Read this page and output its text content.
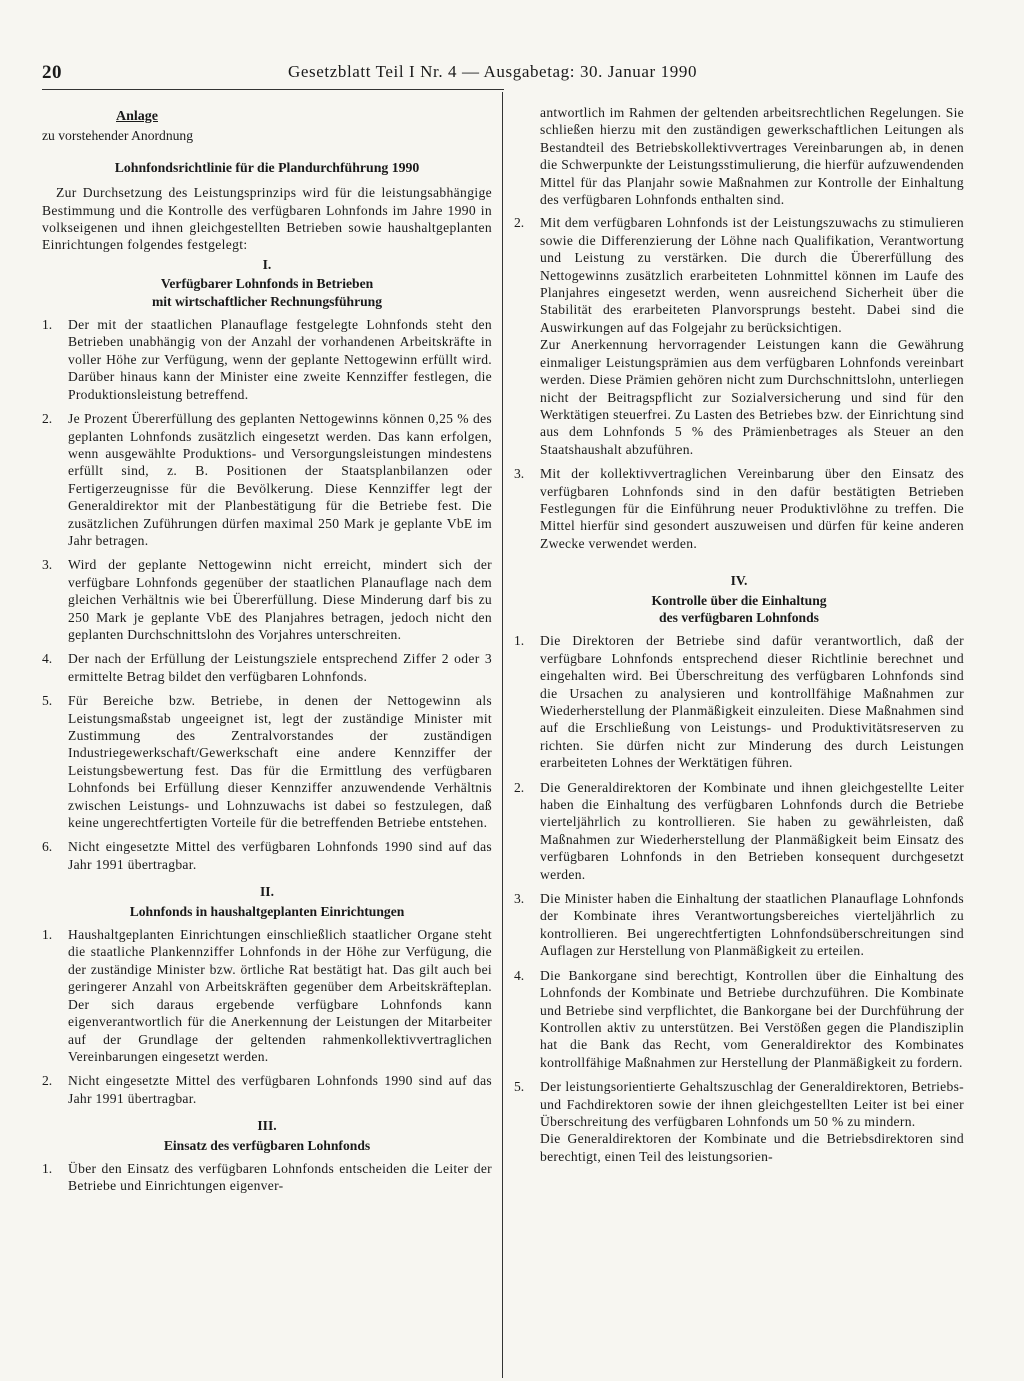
20	Gesetzblatt Teil I Nr. 4 — Ausgabetag: 30. Januar 1990
Anlage
zu vorstehender Anordnung
Lohnfondsrichtlinie für die Plandurchführung 1990

Zur Durchsetzung des Leistungsprinzips wird für die leistungsabhängige Bestimmung und die Kontrolle des verfügbaren Lohnfonds im Jahre 1990 in volkseigenen und ihnen gleichgestellten Betrieben sowie haushaltgeplanten Einrichtungen folgendes festgelegt:

I.
Verfügbarer Lohnfonds in Betrieben
mit wirtschaftlicher Rechnungsführung
1.	Der mit der staatlichen Planauflage festgelegte Lohnfonds steht den Betrieben unabhängig von der Anzahl der vorhandenen Arbeitskräfte in voller Höhe zur Verfügung, wenn der geplante Nettogewinn erfüllt wird. Darüber hinaus kann der Minister eine zweite Kennziffer festlegen, die Produktionsleistung betreffend.
2.	Je Prozent Übererfüllung des geplanten Nettogewinns können 0,25 % des geplanten Lohnfonds zusätzlich eingesetzt werden. Das kann erfolgen, wenn ausgewählte Produktions- und Versorgungsleistungen mindestens erfüllt sind, z. B. Positionen der Staatsplanbilanzen oder Fertigerzeugnisse für die Bevölkerung. Diese Kennziffer legt der Generaldirektor mit der Planbestätigung für die Betriebe fest. Die zusätzlichen Zuführungen dürfen maximal 250 Mark je geplante VbE im Jahr betragen.
3.	Wird der geplante Nettogewinn nicht erreicht, mindert sich der verfügbare Lohnfonds gegenüber der staatlichen Planauflage nach dem gleichen Verhältnis wie bei Übererfüllung. Diese Minderung darf bis zu 250 Mark je geplante VbE des Planjahres betragen, jedoch nicht den geplanten Durchschnittslohn des Vorjahres unterschreiten.
4.	Der nach der Erfüllung der Leistungsziele entsprechend Ziffer 2 oder 3 ermittelte Betrag bildet den verfügbaren Lohnfonds.
5.	Für Bereiche bzw. Betriebe, in denen der Nettogewinn als Leistungsmaßstab ungeeignet ist, legt der zuständige Minister mit Zustimmung des Zentralvorstandes der zuständigen Industriegewerkschaft/Gewerkschaft eine andere Kennziffer der Leistungsbewertung fest. Das für die Ermittlung des verfügbaren Lohnfonds bei Erfüllung dieser Kennziffer anzuwendende Verhältnis zwischen Leistungs- und Lohnzuwachs ist dabei so festzulegen, daß keine ungerechtfertigten Vorteile für die betreffenden Betriebe entstehen.
6.	Nicht eingesetzte Mittel des verfügbaren Lohnfonds 1990 sind auf das Jahr 1991 übertragbar.
II.
Lohnfonds in haushaltgeplanten Einrichtungen
1.	Haushaltgeplanten Einrichtungen einschließlich staatlicher Organe steht die staatliche Plankennziffer Lohnfonds in der Höhe zur Verfügung, die der zuständige Minister bzw. örtliche Rat bestätigt hat. Das gilt auch bei geringerer Anzahl von Arbeitskräften gegenüber dem Arbeitskräfteplan. Der sich daraus ergebende verfügbare Lohnfonds kann eigenverantwortlich für die Anerkennung der Leistungen der Mitarbeiter auf der Grundlage der geltenden rahmenkollektivvertraglichen Vereinbarungen eingesetzt werden.
2.	Nicht eingesetzte Mittel des verfügbaren Lohnfonds 1990 sind auf das Jahr 1991 übertragbar.
III.
Einsatz des verfügbaren Lohnfonds
1.	Über den Einsatz des verfügbaren Lohnfonds entscheiden die Leiter der Betriebe und Einrichtungen eigenver-
antwortlich im Rahmen der geltenden arbeitsrechtlichen Regelungen. Sie schließen hierzu mit den zuständigen gewerkschaftlichen Leitungen als Bestandteil des Betriebskollektivvertrages Vereinbarungen ab, in denen die Schwerpunkte der Leistungsstimulierung, die hierfür aufzuwendenden Mittel für das Planjahr sowie Maßnahmen zur Kontrolle der Einhaltung des verfügbaren Lohnfonds enthalten sind.
2.	Mit dem verfügbaren Lohnfonds ist der Leistungszuwachs zu stimulieren sowie die Differenzierung der Löhne nach Qualifikation, Verantwortung und Leistung zu verstärken. Die durch die Übererfüllung des Nettogewinns zusätzlich erarbeiteten Lohnmittel können im Laufe des Planjahres eingesetzt werden, wenn ausreichend Sicherheit über die Stabilität des erarbeiteten Planvorsprungs besteht. Dabei sind die Auswirkungen auf das Folgejahr zu berücksichtigen.
Zur Anerkennung hervorragender Leistungen kann die Gewährung einmaliger Leistungsprämien aus dem verfügbaren Lohnfonds vereinbart werden. Diese Prämien gehören nicht zum Durchschnittslohn, unterliegen nicht der Beitragspflicht zur Sozialversicherung und sind für den Werktätigen steuerfrei. Zu Lasten des Betriebes bzw. der Einrichtung sind aus dem Lohnfonds 5 % des Prämienbetrages als Steuer an den Staatshaushalt abzuführen.
3.	Mit der kollektivvertraglichen Vereinbarung über den Einsatz des verfügbaren Lohnfonds sind in den dafür bestätigten Betrieben Festlegungen für die Einführung neuer Produktivlöhne zu treffen. Die Mittel hierfür sind gesondert auszuweisen und dürfen für keine anderen Zwecke verwendet werden.
IV.
Kontrolle über die Einhaltung
des verfügbaren Lohnfonds
1.	Die Direktoren der Betriebe sind dafür verantwortlich, daß der verfügbare Lohnfonds entsprechend dieser Richtlinie berechnet und eingehalten wird. Bei Überschreitung des verfügbaren Lohnfonds sind die Ursachen zu analysieren und kontrollfähige Maßnahmen zur Wiederherstellung der Planmäßigkeit einzuleiten. Diese Maßnahmen sind auf die Erschließung von Leistungs- und Produktivitätsreserven zu richten. Sie dürfen nicht zur Minderung des durch Leistungen erarbeiteten Lohnes der Werktätigen führen.
2.	Die Generaldirektoren der Kombinate und ihnen gleichgestellte Leiter haben die Einhaltung des verfügbaren Lohnfonds durch die Betriebe vierteljährlich zu kontrollieren. Sie haben zu gewährleisten, daß Maßnahmen zur Wiederherstellung der Planmäßigkeit beim Einsatz des verfügbaren Lohnfonds in den Betrieben konsequent durchgesetzt werden.
3.	Die Minister haben die Einhaltung der staatlichen Planauflage Lohnfonds der Kombinate ihres Verantwortungsbereiches vierteljährlich zu kontrollieren. Bei ungerechtfertigten Lohnfondsüberschreitungen sind Auflagen zur Herstellung von Planmäßigkeit zu erteilen.
4.	Die Bankorgane sind berechtigt, Kontrollen über die Einhaltung des Lohnfonds der Kombinate und Betriebe durchzuführen. Die Kombinate und Betriebe sind verpflichtet, die Bankorgane bei der Durchführung der Kontrollen aktiv zu unterstützen. Bei Verstößen gegen die Plandisziplin hat die Bank das Recht, vom Generaldirektor des Kombinates kontrollfähige Maßnahmen zur Herstellung der Planmäßigkeit zu fordern.
5.	Der leistungsorientierte Gehaltszuschlag der Generaldirektoren, Betriebs- und Fachdirektoren sowie der ihnen gleichgestellten Leiter ist bei einer Überschreitung des verfügbaren Lohnfonds um 50 % zu mindern.
Die Generaldirektoren der Kombinate und die Betriebsdirektoren sind berechtigt, einen Teil des leistungsorien-
